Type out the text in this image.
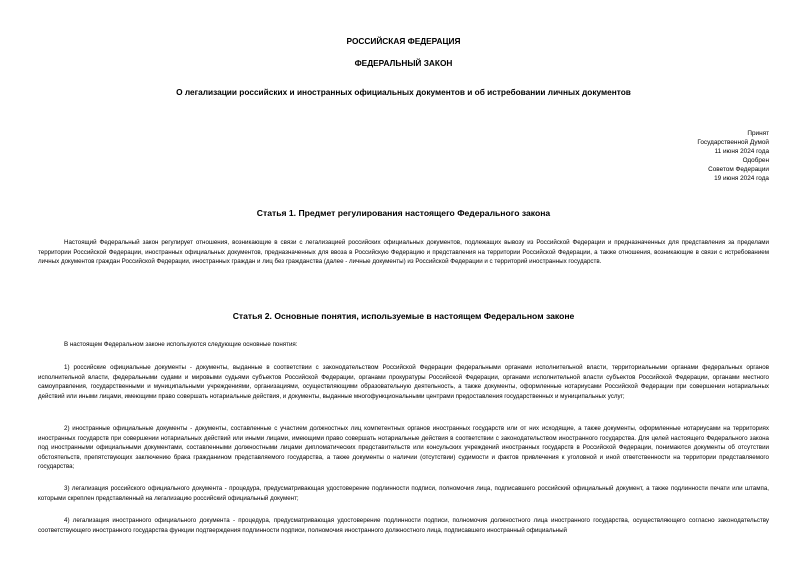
РОССИЙСКАЯ ФЕДЕРАЦИЯ
ФЕДЕРАЛЬНЫЙ ЗАКОН
О легализации российских и иностранных официальных документов и об истребовании личных документов
Принят
Государственной Думой
11 июня 2024 года
Одобрен
Советом Федерации
19 июня 2024 года
Статья 1. Предмет регулирования настоящего Федерального закона
Настоящий Федеральный закон регулирует отношения, возникающие в связи с легализацией российских официальных документов, подлежащих вывозу из Российской Федерации и предназначенных для представления за пределами территории Российской Федерации, иностранных официальных документов, предназначенных для ввоза в Российскую Федерацию и представления на территории Российской Федерации, а также отношения, возникающие в связи с истребованием личных документов граждан Российской Федерации, иностранных граждан и лиц без гражданства (далее - личные документы) из Российской Федерации и с территорий иностранных государств.
Статья 2. Основные понятия, используемые в настоящем Федеральном законе
В настоящем Федеральном законе используются следующие основные понятия:
1) российские официальные документы - документы, выданные в соответствии с законодательством Российской Федерации федеральными органами исполнительной власти, территориальными органами федеральных органов исполнительной власти, федеральными судами и мировыми судьями субъектов Российской Федерации, органами прокуратуры Российской Федерации, органами исполнительной власти субъектов Российской Федерации, органами местного самоуправления, государственными и муниципальными учреждениями, организациями, осуществляющими образовательную деятельность, а также документы, оформленные нотариусами Российской Федерации при совершении нотариальных действий или иными лицами, имеющими право совершать нотариальные действия, и документы, выданные многофункциональными центрами предоставления государственных и муниципальных услуг;
2) иностранные официальные документы - документы, составленные с участием должностных лиц компетентных органов иностранных государств или от них исходящие, а также документы, оформленные нотариусами на территориях иностранных государств при совершении нотариальных действий или иными лицами, имеющими право совершать нотариальные действия в соответствии с законодательством иностранного государства. Для целей настоящего Федерального закона под иностранными официальными документами, составленными должностными лицами дипломатических представительств или консульских учреждений иностранных государств в Российской Федерации, понимаются документы об отсутствии обстоятельств, препятствующих заключению брака гражданином представляемого государства, а также документы о наличии (отсутствии) судимости и фактов привлечения к уголовной и иной ответственности на территории представляемого государства;
3) легализация российского официального документа - процедура, предусматривающая удостоверение подлинности подписи, полномочия лица, подписавшего российский официальный документ, а также подлинности печати или штампа, которыми скреплен представленный на легализацию российский официальный документ;
4) легализация иностранного официального документа - процедура, предусматривающая удостоверение подлинности подписи, полномочия должностного лица иностранного государства, осуществляющего согласно законодательству соответствующего иностранного государства функции подтверждения подлинности подписи, полномочия иностранного должностного лица, подписавшего иностранный официальный
